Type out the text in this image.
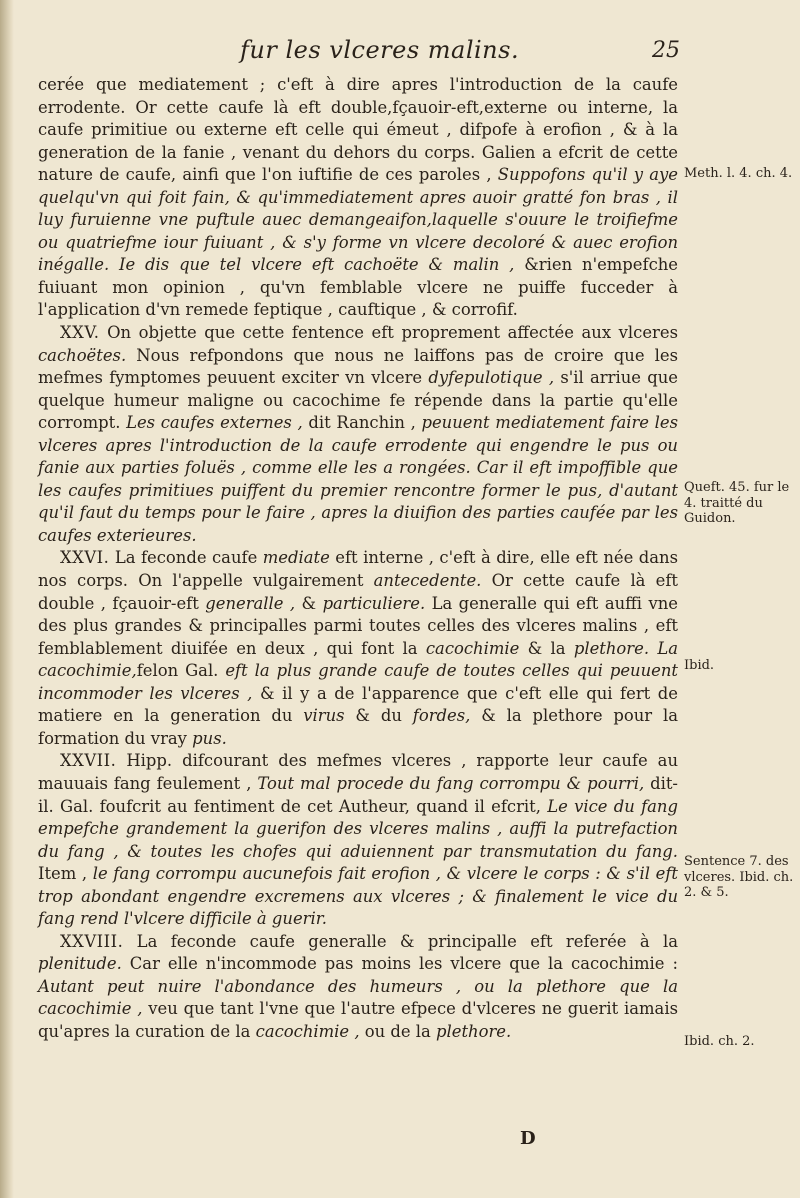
fur les vlceres malins.	25

cerée que mediatement ; c'eft à dire apres l'introduction de la caufe errodente. Or cette caufe là eft double,fçauoir-eft,externe ou interne, la caufe primitiue ou externe eft celle qui émeut , difpofe à erofion , & à la generation de la fanie , venant du dehors du corps. Galien a efcrit de cette nature de caufe, ainfi que l'on iuftifie de ces paroles , Suppofons qu'il y aye quelqu'vn qui foit fain, & qu'immediatement apres auoir gratté fon bras , il luy furuienne vne puftule auec demangeaifon,laquelle s'ouure le troifiefme ou quatriefme iour fuiuant , & s'y forme vn vlcere decoloré & auec erofion inégalle. Ie dis que tel vlcere eft cachoëte & malin , &rien n'empefche fuiuant mon opinion , qu'vn femblable vlcere ne puiffe fucceder à l'application d'vn remede feptique , cauftique , & corrofif.

XXV. On objette que cette fentence eft proprement affectée aux vlceres cachoëtes. Nous refpondons que nous ne laiffons pas de croire que les mefmes fymptomes peuuent exciter vn vlcere dyfepulotique , s'il arriue que quelque humeur maligne ou cacochime fe répende dans la partie qu'elle corrompt. Les caufes externes , dit Ranchin , peuuent mediatement faire les vlceres apres l'introduction de la caufe errodente qui engendre le pus ou fanie aux parties foluës , comme elle les a rongées. Car il eft impoffible que les caufes primitiues puiffent du premier rencontre former le pus, d'autant qu'il faut du temps pour le faire , apres la diuifion des parties caufée par les caufes exterieures.

XXVI. La feconde caufe mediate eft interne , c'eft à dire, elle eft née dans nos corps. On l'appelle vulgairement antecedente. Or cette caufe là eft double , fçauoir-eft generalle , & particuliere. La generalle qui eft auffi vne des plus grandes & principalles parmi toutes celles des vlceres malins , eft femblablement diuifée en deux , qui font la cacochimie & la plethore. La cacochimie,felon Gal. eft la plus grande caufe de toutes celles qui peuuent incommoder les vlceres , & il y a de l'apparence que c'eft elle qui fert de matiere en la generation du virus & du fordes, & la plethore pour la formation du vray pus.

XXVII. Hipp. difcourant des mefmes vlceres , rapporte leur caufe au mauuais fang feulement , Tout mal procede du fang corrompu & pourri, dit-il. Gal. foufcrit au fentiment de cet Autheur, quand il efcrit, Le vice du fang empefche grandement la guerifon des vlceres malins , auffi la putrefaction du fang , & toutes les chofes qui aduiennent par transmutation du fang. Item , le fang corrompu aucunefois fait erofion , & vlcere le corps : & s'il eft trop abondant engendre excremens aux vlceres ; & finalement le vice du fang rend l'vlcere difficile à guerir.

XXVIII. La feconde caufe generalle & principalle eft referée à la plenitude. Car elle n'incommode pas moins les vlcere que la cacochimie : Autant peut nuire l'abondance des humeurs , ou la plethore que la cacochimie , veu que tant l'vne que l'autre efpece d'vlceres ne guerit iamais qu'apres la curation de la cacochimie , ou de la plethore.

Meth. l. 4. ch. 4.
Queft. 45. fur le 4. traitté du Guidon.
Ibid.
Sentence 7. des vlceres. Ibid. ch. 2. & 5.
Ibid. ch. 2.
D
